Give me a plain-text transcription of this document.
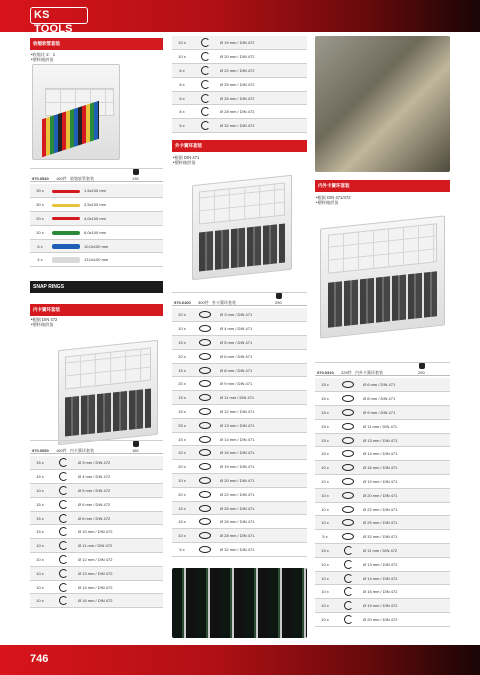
KS TOOLS
746
收缩软管套装
•收缩比 2：1
•塑料箱供货
970.0540 160件 收缩软管套装	130
30 x		1,5x100 mm
30 x		2,5x100 mm
20 x		4,0x100 mm
10 x		6,0x100 mm
6 x		10,0x100 mm
4 x		13,0x100 mm
SNAP RINGS
内卡簧环套装
•根据 DIN 472
•塑料箱供货
970.0050 160件 内卡簧环套装	180
15 x		Ø 3 mm / DIN 472
15 x		Ø 4 mm / DIN 472
10 x		Ø 5 mm / DIN 472
15 x		Ø 6 mm / DIN 472
15 x		Ø 8 mm / DIN 472
15 x		Ø 10 mm / DIN 472
10 x		Ø 11 mm / DIN 472
10 x		Ø 12 mm / DIN 472
10 x		Ø 13 mm / DIN 472
10 x		Ø 14 mm / DIN 472
10 x		Ø 16 mm / DIN 472
10 x		Ø 19 mm / DIN 472
10 x		Ø 20 mm / DIN 472
8 x		Ø 22 mm / DIN 472
8 x		Ø 25 mm / DIN 472
8 x		Ø 26 mm / DIN 472
8 x		Ø 28 mm / DIN 472
5 x		Ø 32 mm / DIN 472
外卡簧环套装
•根据 DIN 471
•塑料箱供货
970.0100 300件 外卡簧环套装	290
20 x		Ø 3 mm / DIN 471
10 x		Ø 4 mm / DIN 471
15 x		Ø 5 mm / DIN 471
20 x		Ø 6 mm / DIN 471
15 x		Ø 8 mm / DIN 471
20 x		Ø 9 mm / DIN 471
15 x		Ø 11 mm / DIN 471
15 x		Ø 12 mm / DIN 471
25 x		Ø 13 mm / DIN 471
15 x		Ø 14 mm / DIN 471
10 x		Ø 16 mm / DIN 471
20 x		Ø 19 mm / DIN 471
10 x		Ø 20 mm / DIN 471
20 x		Ø 22 mm / DIN 471
15 x		Ø 25 mm / DIN 471
15 x		Ø 26 mm / DIN 471
10 x		Ø 28 mm / DIN 471
5 x		Ø 32 mm / DIN 471
内外卡簧环套装
•根据 DIN 471/472
•塑料箱供货
970.0310 225件 内外卡簧环套装	250
15 x		Ø 6 mm / DIN 471
15 x		Ø 8 mm / DIN 471
15 x		Ø 9 mm / DIN 471
15 x		Ø 11 mm / DIN 471
15 x		Ø 13 mm / DIN 471
15 x		Ø 14 mm / DIN 471
10 x		Ø 16 mm / DIN 471
10 x		Ø 19 mm / DIN 471
10 x		Ø 20 mm / DIN 471
10 x		Ø 22 mm / DIN 471
10 x		Ø 25 mm / DIN 471
5 x		Ø 32 mm / DIN 471
15 x		Ø 11 mm / DIN 472
10 x		Ø 13 mm / DIN 472
10 x		Ø 14 mm / DIN 472
10 x		Ø 16 mm / DIN 472
10 x		Ø 19 mm / DIN 472
10 x		Ø 20 mm / DIN 472
